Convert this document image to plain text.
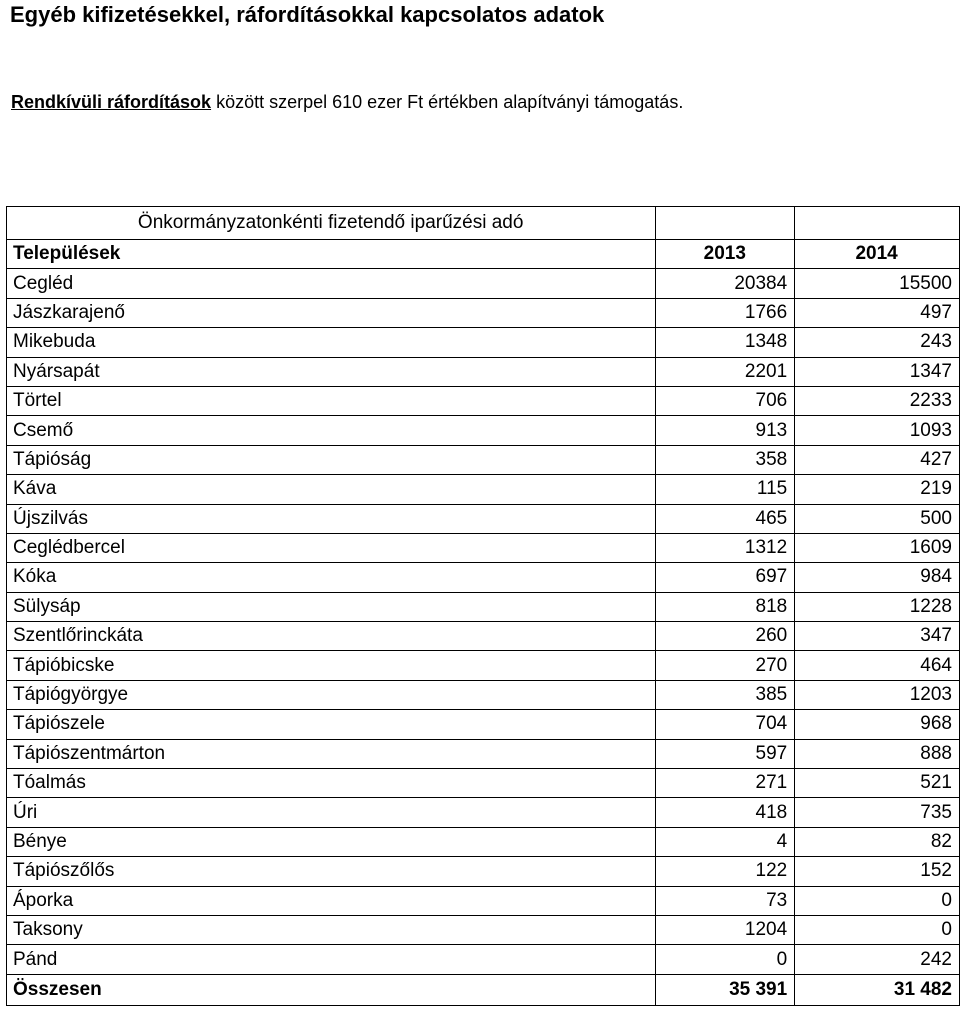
Egyéb kifizetésekkel, ráfordításokkal kapcsolatos adatok
Rendkívüli ráfordítások között szerpel 610 ezer Ft értékben alapítványi támogatás.
Önkormányzatonkénti fizetendő iparűzési adó		
Települések	2013	2014
Cegléd	20384	15500
Jászkarajenő	1766	497
Mikebuda	1348	243
Nyársapát	2201	1347
Törtel	706	2233
Csemő	913	1093
Tápióság	358	427
Káva	115	219
Újszilvás	465	500
Ceglédbercel	1312	1609
Kóka	697	984
Sülysáp	818	1228
Szentlőrinckáta	260	347
Tápióbicske	270	464
Tápiógyörgye	385	1203
Tápiószele	704	968
Tápiószentmárton	597	888
Tóalmás	271	521
Úri	418	735
Bénye	4	82
Tápiószőlős	122	152
Áporka	73	0
Taksony	1204	0
Pánd	0	242
Összesen	35 391	31 482
